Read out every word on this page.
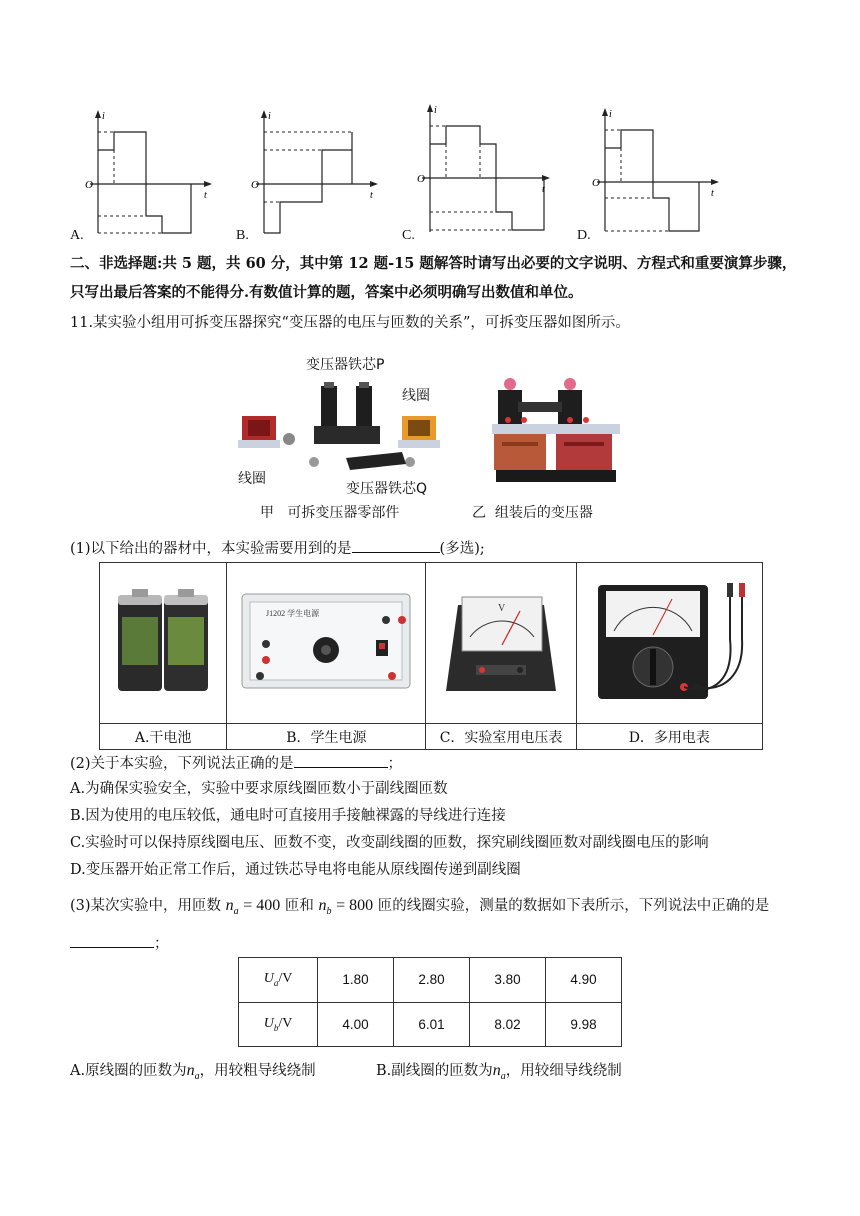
i
t
O
A.
i
t
O
B.
i
t
O
C.
i
t
O
D.
二、非选择题:共 5 题，共 60 分，其中第 12 题-15 题解答时请写出必要的文字说明、方程式和重要演算步骤，
只写出最后答案的不能得分.有数值计算的题，答案中必须明确写出数值和单位。
11.某实验小组用可拆变压器探究“变压器的电压与匝数的关系”，可拆变压器如图所示。
变压器铁芯P
线圈
线圈
变压器铁芯Q
甲   可拆变压器零部件	乙  组装后的变压器
(1)以下给出的器材中，本实验需要用到的是	(多选);

J1202 学生电源	V

A.干电池	B．学生电源	C．实验室用电压表	D．多用电表
(2)关于本实验，下列说法正确的是	；
A.为确保实验安全，实验中要求原线圈匝数小于副线圈匝数
B.因为使用的电压较低，通电时可直接用手接触裸露的导线进行连接
C.实验时可以保持原线圈电压、匝数不变，改变副线圈的匝数，探究刷线圈匝数对副线圈电压的影响
D.变压器开始正常工作后，通过铁芯导电将电能从原线圈传递到副线圈
(3)某次实验中，用匝数 $n_a = 400$ 匝和 $n_b = 800$ 匝的线圈实验，测量的数据如下表所示，下列说法中正确的是
；
$U_a/V$	1.80	2.80	3.80	4.90
$U_b/V$	4.00	6.01	8.02	9.98
A.原线圈的匝数为$n_a$，用较粗导线绕制	B.副线圈的匝数为$n_a$，用较细导线绕制
